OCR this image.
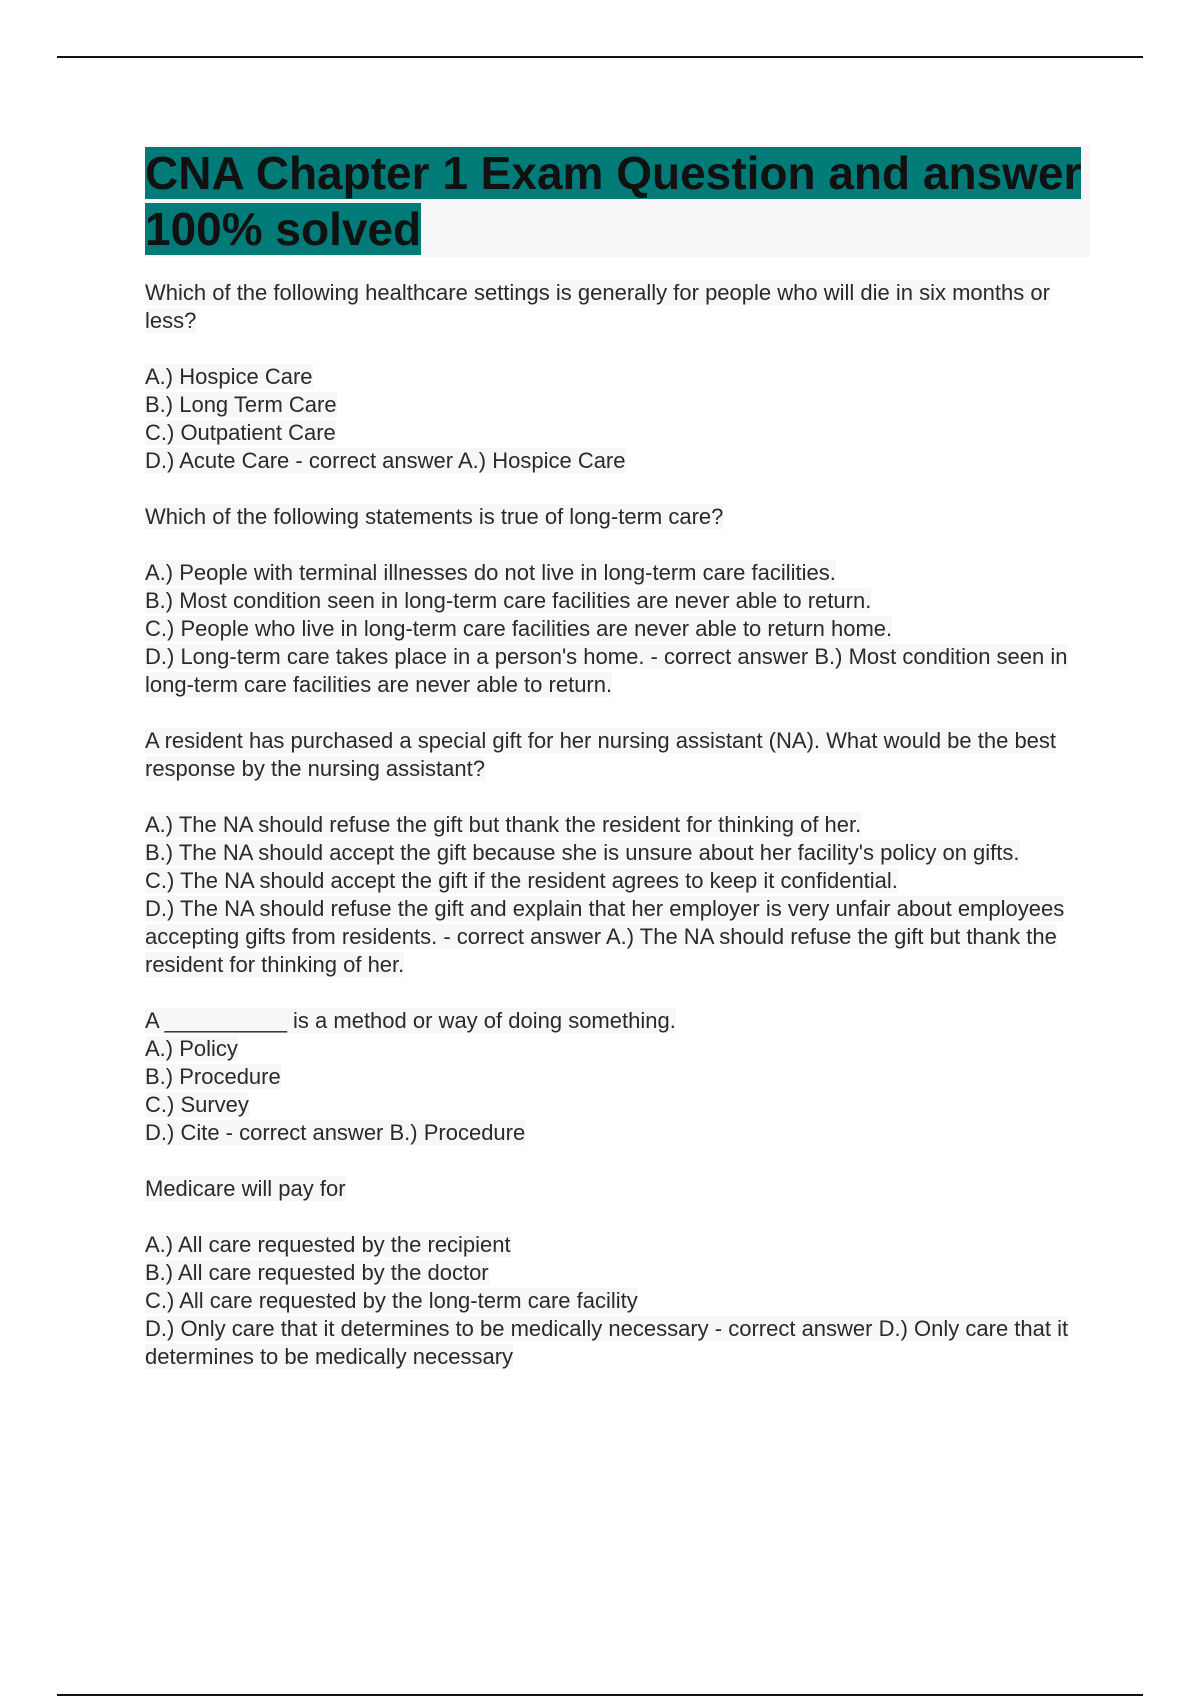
CNA Chapter 1 Exam Question and answer 100% solved
Which of the following healthcare settings is generally for people who will die in six months or less?
A.) Hospice Care
B.) Long Term Care
C.) Outpatient Care
D.) Acute Care - correct answer A.) Hospice Care
Which of the following statements is true of long-term care?
A.) People with terminal illnesses do not live in long-term care facilities.
B.) Most condition seen in long-term care facilities are never able to return.
C.) People who live in long-term care facilities are never able to return home.
D.) Long-term care takes place in a person's home. - correct answer B.) Most condition seen in long-term care facilities are never able to return.
A resident has purchased a special gift for her nursing assistant (NA). What would be the best response by the nursing assistant?
A.) The NA should refuse the gift but thank the resident for thinking of her.
B.) The NA should accept the gift because she is unsure about her facility's policy on gifts.
C.) The NA should accept the gift if the resident agrees to keep it confidential.
D.) The NA should refuse the gift and explain that her employer is very unfair about employees accepting gifts from residents. - correct answer A.) The NA should refuse the gift but thank the resident for thinking of her.
A __________ is a method or way of doing something.
A.) Policy
B.) Procedure
C.) Survey
D.) Cite - correct answer B.) Procedure
Medicare will pay for
A.) All care requested by the recipient
B.) All care requested by the doctor
C.) All care requested by the long-term care facility
D.) Only care that it determines to be medically necessary - correct answer D.) Only care that it determines to be medically necessary
